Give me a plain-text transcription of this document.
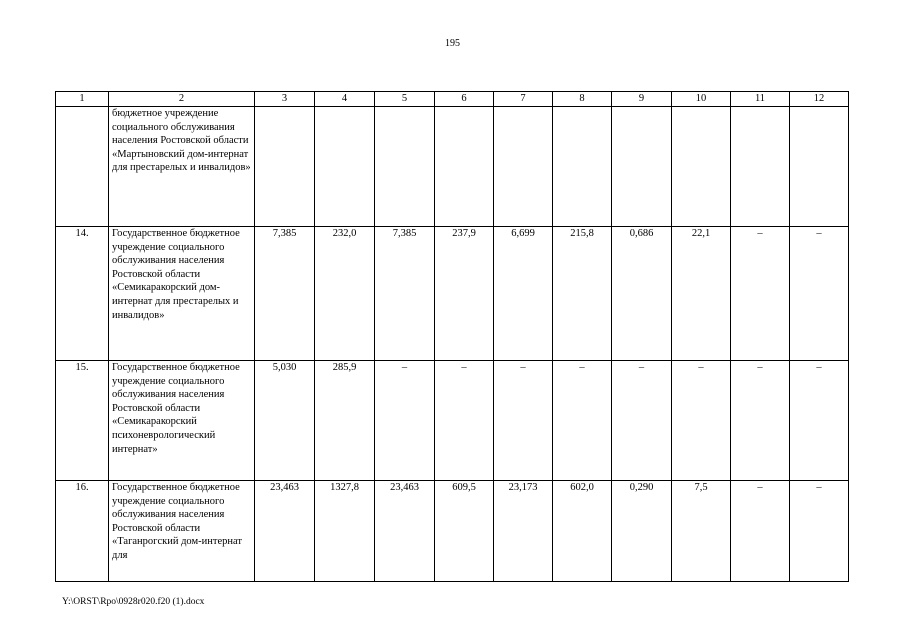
195
1	2	3	4	5	6	7	8	9	10	11	12
	бюджетное учреждение социального обслуживания населения Ростовской области «Мартыновский дом-интернат для престарелых и инвалидов»										
14.	Государственное бюджетное учреждение социального обслуживания населения Ростовской области «Семикаракорский дом-интернат для престарелых и инвалидов»	7,385	232,0	7,385	237,9	6,699	215,8	0,686	22,1	–	–
15.	Государственное бюджетное учреждение социального обслуживания населения Ростовской области «Семикаракорский психоневрологический интернат»	5,030	285,9	–	–	–	–	–	–	–	–
16.	Государственное бюджетное учреждение социального обслуживания населения Ростовской области «Таганрогский дом-интернат для	23,463	1327,8	23,463	609,5	23,173	602,0	0,290	7,5	–	–
Y:\ORST\Rpo\0928r020.f20 (1).docx
